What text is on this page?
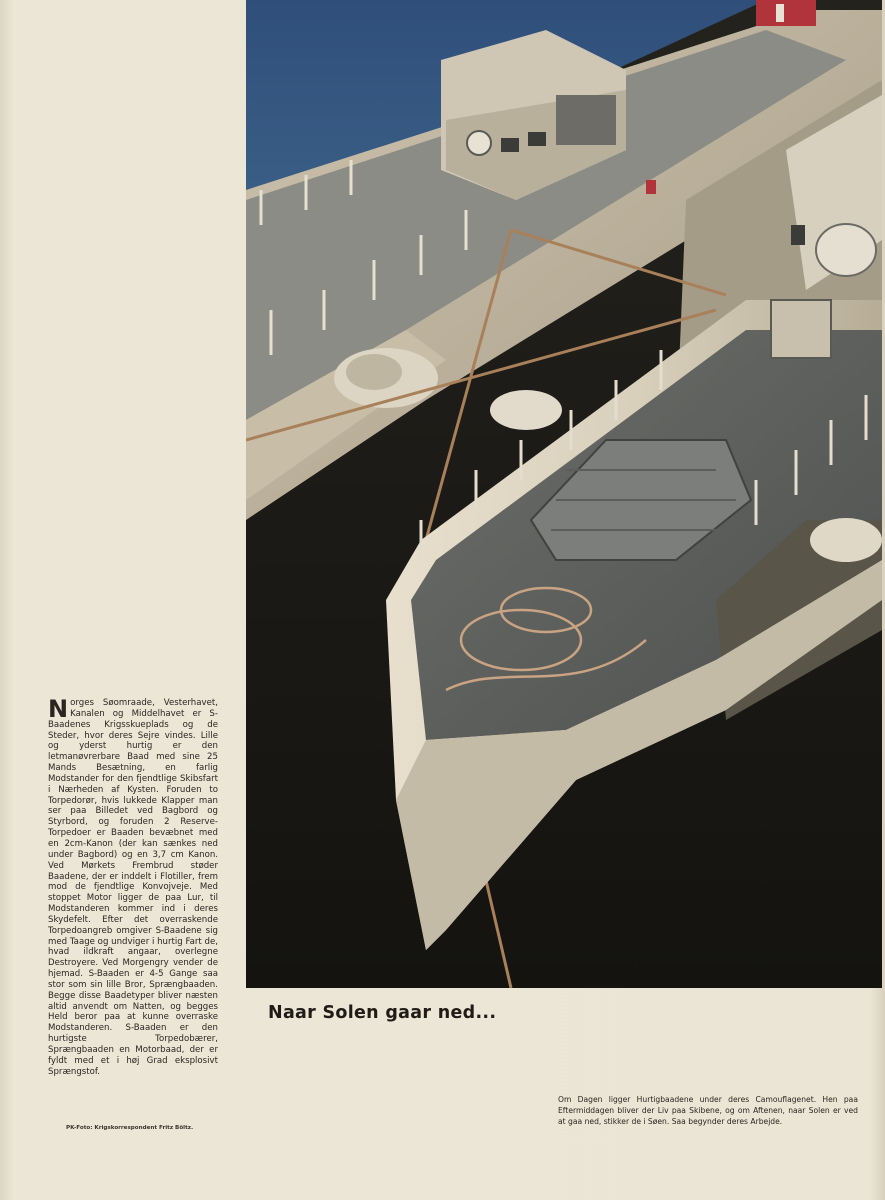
Norges Søomraade, Vesterhavet, Kanalen og Middelhavet er S-Baadenes Krigsskueplads og de Steder, hvor deres Sejre vindes. Lille og yderst hurtig er den letmanøvrerbare Baad med sine 25 Mands Besætning, en farlig Modstander for den fjendtlige Skibsfart i Nærheden af Kysten. Foruden to Torpedorør, hvis lukkede Klapper man ser paa Billedet ved Bagbord og Styrbord, og foruden 2 Reserve-Torpedoer er Baaden bevæbnet med en 2cm-Kanon (der kan sænkes ned under Bagbord) og en 3,7 cm Kanon. Ved Mørkets Frembrud støder Baadene, der er inddelt i Flotiller, frem mod de fjendtlige Konvojveje. Med stoppet Motor ligger de paa Lur, til Modstanderen kommer ind i deres Skydefelt. Efter det overraskende Torpedoangreb omgiver S-Baadene sig med Taage og undviger i hurtig Fart de, hvad ildkraft angaar, overlegne Destroyere. Ved Morgengry vender de hjemad. S-Baaden er 4-5 Gange saa stor som sin lille Bror, Sprængbaaden. Begge disse Baadetyper bliver næsten altid anvendt om Natten, og begges Held beror paa at kunne overraske Modstanderen. S-Baaden er den hurtigste Torpedobærer, Sprængbaaden en Motorbaad, der er fyldt med et i høj Grad eksplosivt Sprængstof.
PK-Foto: Krigskorrespondent Fritz Böltz.
Naar Solen gaar ned...
Om Dagen ligger Hurtigbaadene under deres Camouflagenet. Hen paa Eftermiddagen bliver der Liv paa Skibene, og om Aftenen, naar Solen er ved at gaa ned, stikker de i Søen. Saa begynder deres Arbejde.
